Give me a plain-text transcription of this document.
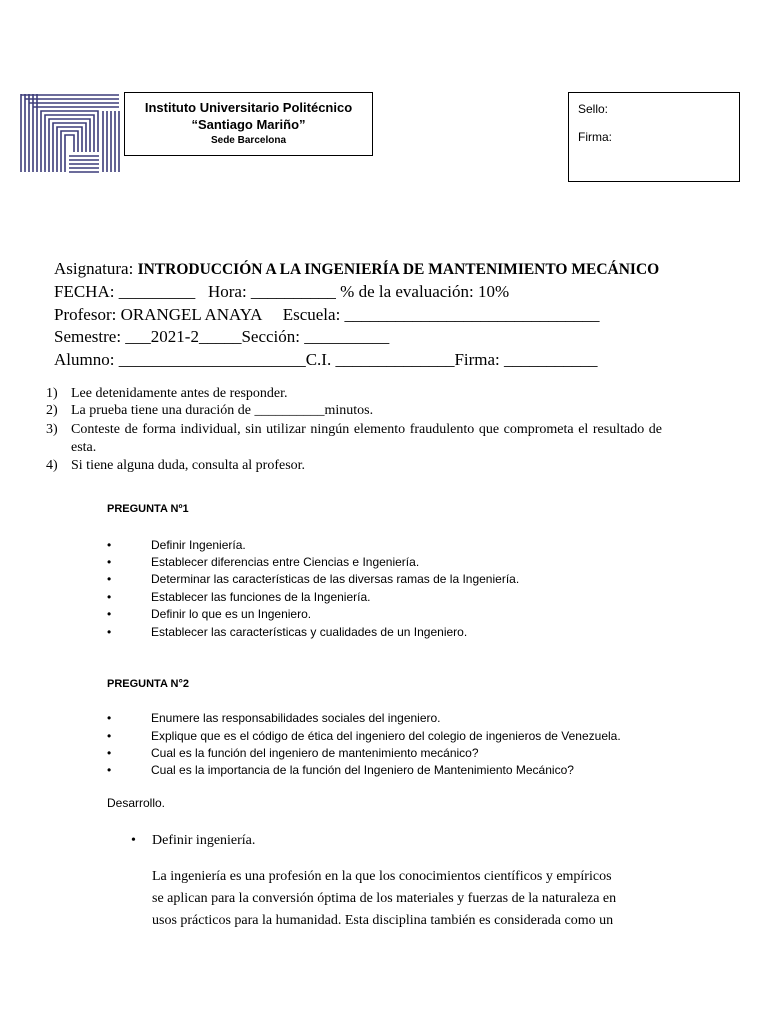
Instituto Universitario Politécnico
“Santiago Mariño”
Sede Barcelona
Sello:
Firma:
Asignatura: INTRODUCCIÓN A LA INGENIERÍA DE MANTENIMIENTO MECÁNICO
FECHA: _________   Hora: __________ % de la evaluación: 10%
Profesor: ORANGEL ANAYA     Escuela: ______________________________
Semestre: ___2021-2_____Sección: __________
Alumno: ______________________C.I. ______________Firma: ___________
1) Lee detenidamente antes de responder.
2) La prueba tiene una duración de __________minutos.
3) Conteste de forma individual, sin utilizar ningún elemento fraudulento que comprometa el resultado de esta.
4) Si tiene alguna duda, consulta al profesor.
PREGUNTA Nº1
•	Definir Ingeniería.
•	Establecer diferencias entre Ciencias e Ingeniería.
•	Determinar las características de las diversas ramas de la Ingeniería.
•	Establecer las funciones de la Ingeniería.
•	Definir lo que es un Ingeniero.
•	Establecer las características y cualidades de un Ingeniero.
PREGUNTA N°2
•	Enumere las responsabilidades sociales del ingeniero.
•	Explique que es el código de ética del ingeniero del colegio de ingenieros de Venezuela.
•	Cual es la función del ingeniero de mantenimiento mecánico?
•	Cual es la importancia de la función del Ingeniero de Mantenimiento Mecánico?
Desarrollo.
• Definir ingeniería.
La ingeniería es una profesión en la que los conocimientos científicos y empíricos
se aplican para la conversión óptima de los materiales y fuerzas de la naturaleza en
usos prácticos para la humanidad. Esta disciplina también es considerada como un
